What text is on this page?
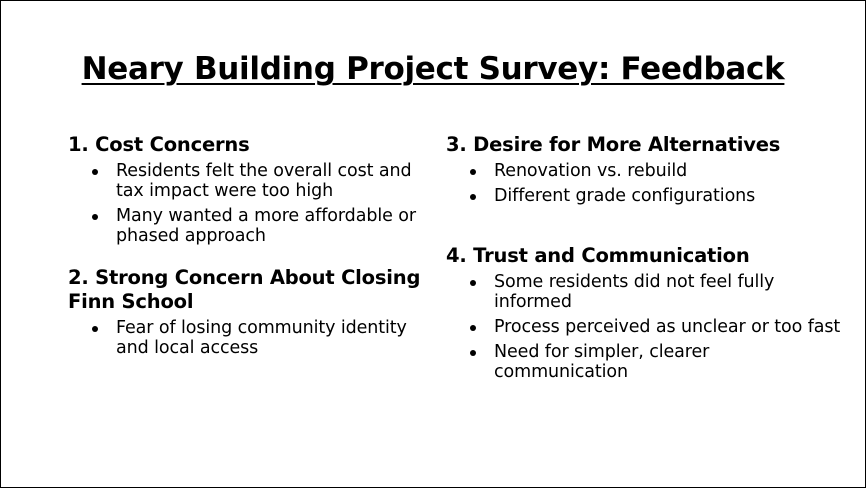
Neary Building Project Survey: Feedback

1. Cost Concerns

Residents felt the overall cost and tax impact were too high
Many wanted a more affordable or phased approach

2. Strong Concern About Closing Finn School

Fear of losing community identity and local access

3. Desire for More Alternatives

Renovation vs. rebuild
Different grade configurations

4. Trust and Communication

Some residents did not feel fully informed
Process perceived as unclear or too fast
Need for simpler, clearer communication
